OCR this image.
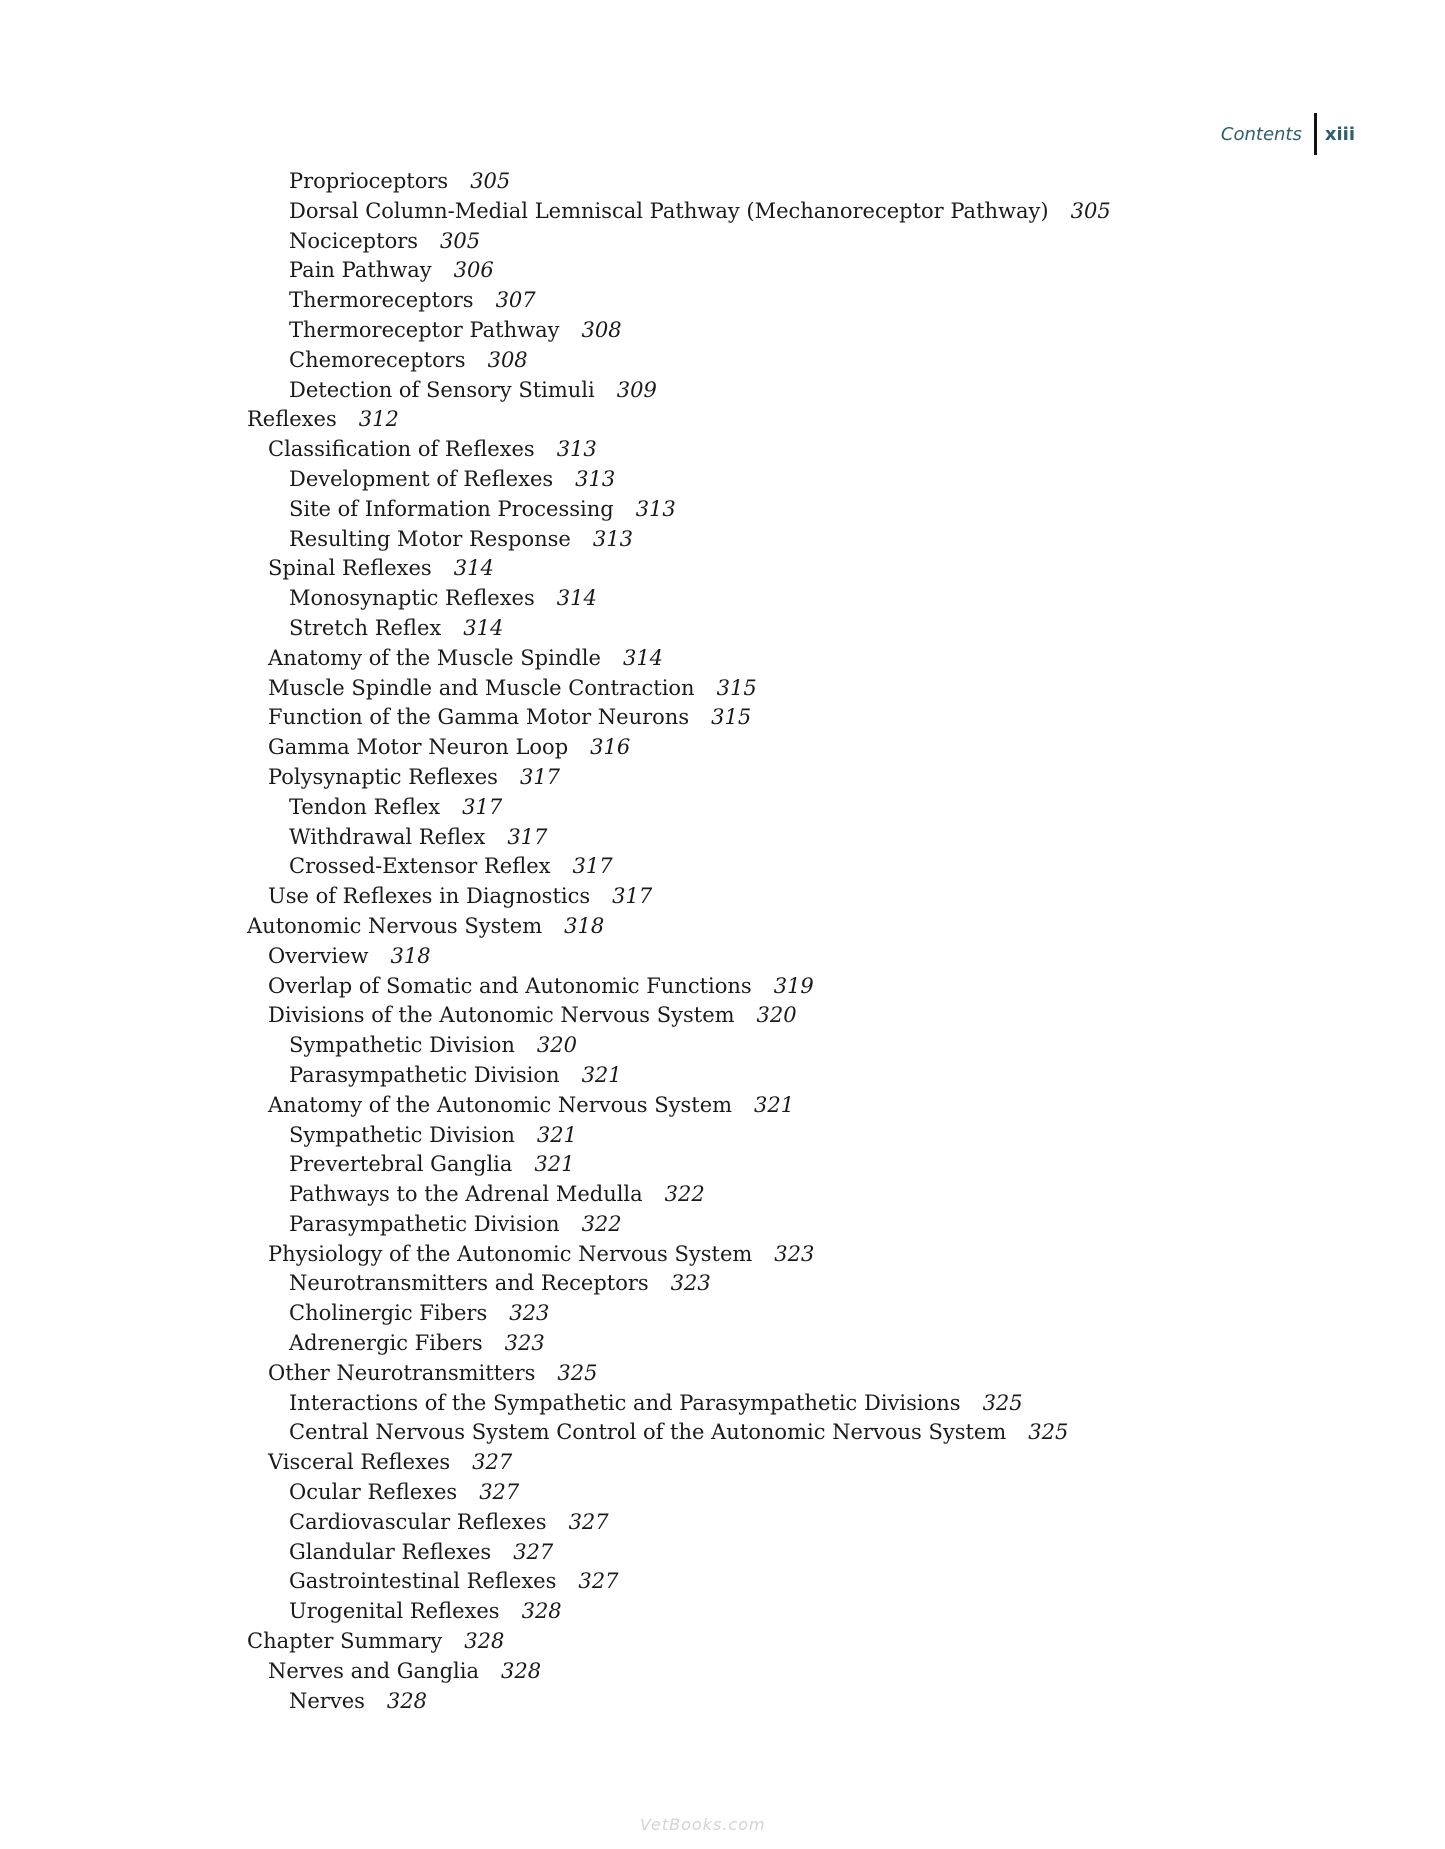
Contents xiii
Proprioceptors 305
Dorsal Column-Medial Lemniscal Pathway (Mechanoreceptor Pathway) 305
Nociceptors 305
Pain Pathway 306
Thermoreceptors 307
Thermoreceptor Pathway 308
Chemoreceptors 308
Detection of Sensory Stimuli 309
Reflexes 312
Classification of Reflexes 313
Development of Reflexes 313
Site of Information Processing 313
Resulting Motor Response 313
Spinal Reflexes 314
Monosynaptic Reflexes 314
Stretch Reflex 314
Anatomy of the Muscle Spindle 314
Muscle Spindle and Muscle Contraction 315
Function of the Gamma Motor Neurons 315
Gamma Motor Neuron Loop 316
Polysynaptic Reflexes 317
Tendon Reflex 317
Withdrawal Reflex 317
Crossed-Extensor Reflex 317
Use of Reflexes in Diagnostics 317
Autonomic Nervous System 318
Overview 318
Overlap of Somatic and Autonomic Functions 319
Divisions of the Autonomic Nervous System 320
Sympathetic Division 320
Parasympathetic Division 321
Anatomy of the Autonomic Nervous System 321
Sympathetic Division 321
Prevertebral Ganglia 321
Pathways to the Adrenal Medulla 322
Parasympathetic Division 322
Physiology of the Autonomic Nervous System 323
Neurotransmitters and Receptors 323
Cholinergic Fibers 323
Adrenergic Fibers 323
Other Neurotransmitters 325
Interactions of the Sympathetic and Parasympathetic Divisions 325
Central Nervous System Control of the Autonomic Nervous System 325
Visceral Reflexes 327
Ocular Reflexes 327
Cardiovascular Reflexes 327
Glandular Reflexes 327
Gastrointestinal Reflexes 327
Urogenital Reflexes 328
Chapter Summary 328
Nerves and Ganglia 328
Nerves 328
VetBooks.com
